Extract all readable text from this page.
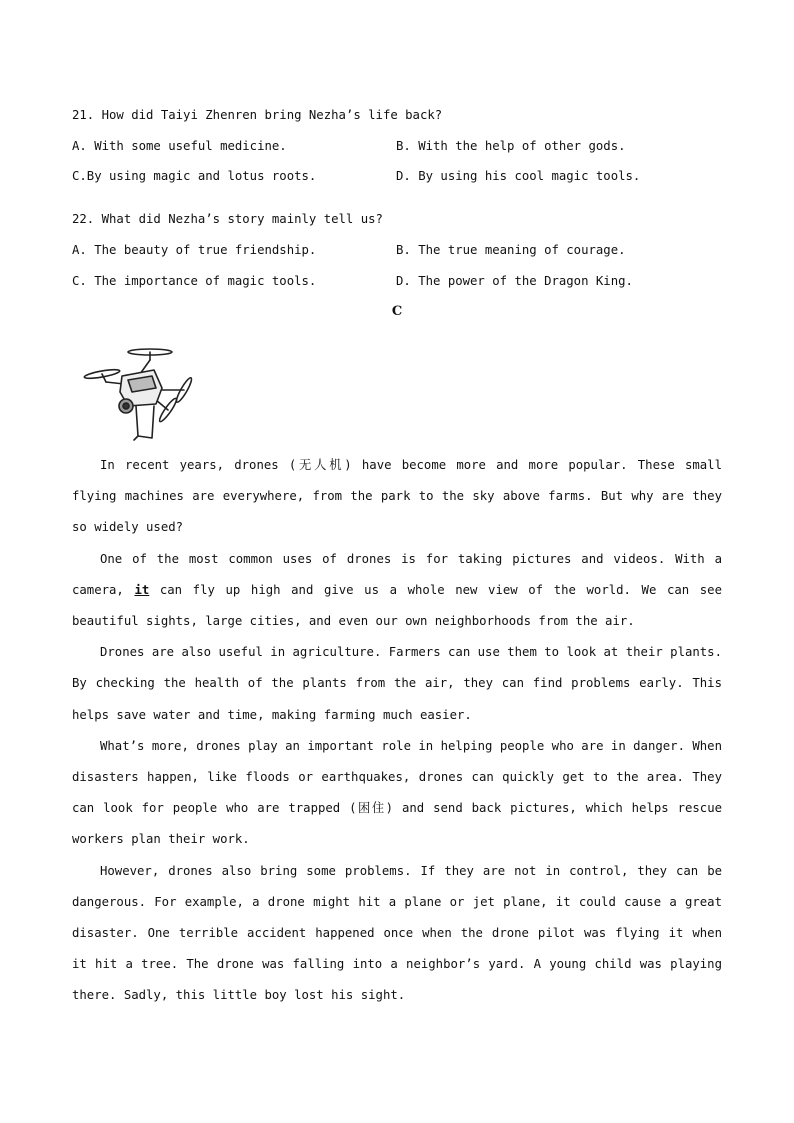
21. How did Taiyi Zhenren bring Nezha’s life back?
A. With some useful medicine.	B. With the help of other gods.
C.By using magic and lotus roots.	D. By using his cool magic tools.
22. What did Nezha’s story mainly tell us?
A. The beauty of true friendship.	B. The true meaning of courage.
C. The importance of magic tools.	D. The power of the Dragon King.
C

In recent years, drones (无人机) have become more and more popular. These small flying machines are everywhere, from the park to the sky above farms. But why are they so widely used?

One of the most common uses of drones is for taking pictures and videos. With a camera, it can fly up high and give us a whole new view of the world. We can see beautiful sights, large cities, and even our own neighborhoods from the air.

Drones are also useful in agriculture. Farmers can use them to look at their plants. By checking the health of the plants from the air, they can find problems early. This helps save water and time, making farming much easier.

What’s more, drones play an important role in helping people who are in danger. When disasters happen, like floods or earthquakes, drones can quickly get to the area. They can look for people who are trapped (困住) and send back pictures, which helps rescue workers plan their work.

However, drones also bring some problems. If they are not in control, they can be dangerous. For example, a drone might hit a plane or jet plane, it could cause a great disaster. One terrible accident happened once when the drone pilot was flying it when it hit a tree. The drone was falling into a neighbor’s yard. A young child was playing there. Sadly, this little boy lost his sight.
